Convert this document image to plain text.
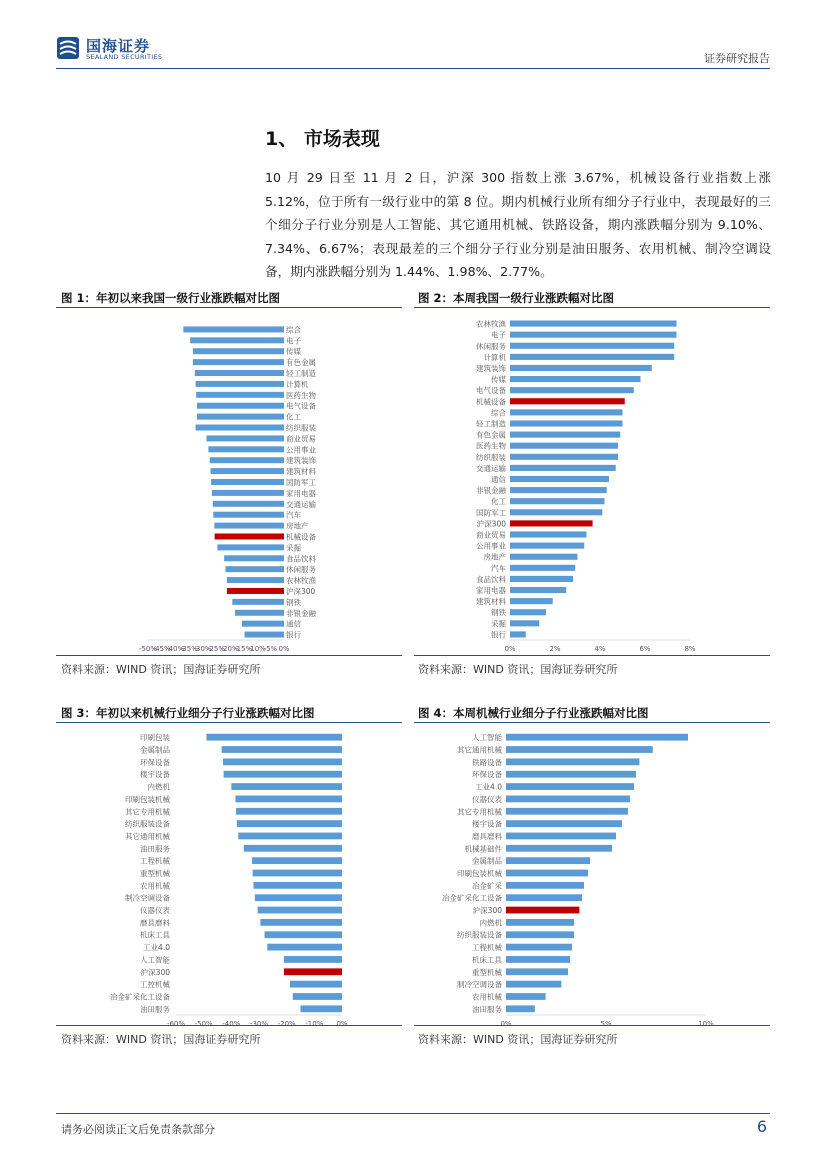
国海证券
SEALAND SECURITIES	证券研究报告
1、 市场表现
10 月 29 日至 11 月 2 日，沪深 300 指数上涨 3.67%，机械设备行业指数上涨 5.12%，位于所有一级行业中的第 8 位。期内机械行业所有细分子行业中，表现最好的三个细分子行业分别是人工智能、其它通用机械、铁路设备，期内涨跌幅分别为 9.10%、7.34%、6.67%；表现最差的三个细分子行业分别是油田服务、农用机械、制冷空调设备，期内涨跌幅分别为 1.44%、1.98%、2.77%。
图 1：年初以来我国一级行业涨跌幅对比图
综合
电子
传媒
有色金属
轻工制造
计算机
医药生物
电气设备
化工
纺织服装
商业贸易
公用事业
建筑装饰
建筑材料
国防军工
家用电器
交通运输
汽车
房地产
机械设备
采掘
食品饮料
休闲服务
农林牧渔
沪深300
钢铁
非银金融
通信
银行
-50%
-45%
-40%
-35%
-30%
-25%
-20%
-15%
-10%
-5% 0%
资料来源：WIND 资讯；国海证券研究所
图 2：本周我国一级行业涨跌幅对比图
农林牧渔
电子
休闲服务
计算机
建筑装饰
传媒
电气设备
机械设备
综合
轻工制造
有色金属
医药生物
纺织服装
交通运输
通信
非银金融
化工
国防军工
沪深300
商业贸易
公用事业
房地产
汽车
食品饮料
家用电器
建筑材料
钢铁
采掘
银行
0%	2%	4%	6%	8%
资料来源：WIND 资讯；国海证券研究所
图 3：年初以来机械行业细分子行业涨跌幅对比图
印刷包装
金属制品
环保设备
楼宇设备
内燃机
印刷包装机械
其它专用机械
纺织服装设备
其它通用机械
油田服务
工程机械
重型机械
农用机械
制冷空调设备
仪器仪表
磨具磨料
机床工具
工业4.0
人工智能
沪深300
工控机械
冶金矿采化工设备
油田服务
-60% -50% -40% -30% -20% -10% 0%
资料来源：WIND 资讯；国海证券研究所
图 4：本周机械行业细分子行业涨跌幅对比图
人工智能
其它通用机械
铁路设备
环保设备
工业4.0
仪器仪表
其它专用机械
楼宇设备
磨具磨料
机械基础件
金属制品
印刷包装机械
冶金矿采
冶金矿采化工设备
沪深300
内燃机
纺织服装设备
工程机械
机床工具
重型机械
制冷空调设备
农用机械
油田服务
0%	5%	10%
资料来源：WIND 资讯；国海证券研究所
请务必阅读正文后免责条款部分	6
